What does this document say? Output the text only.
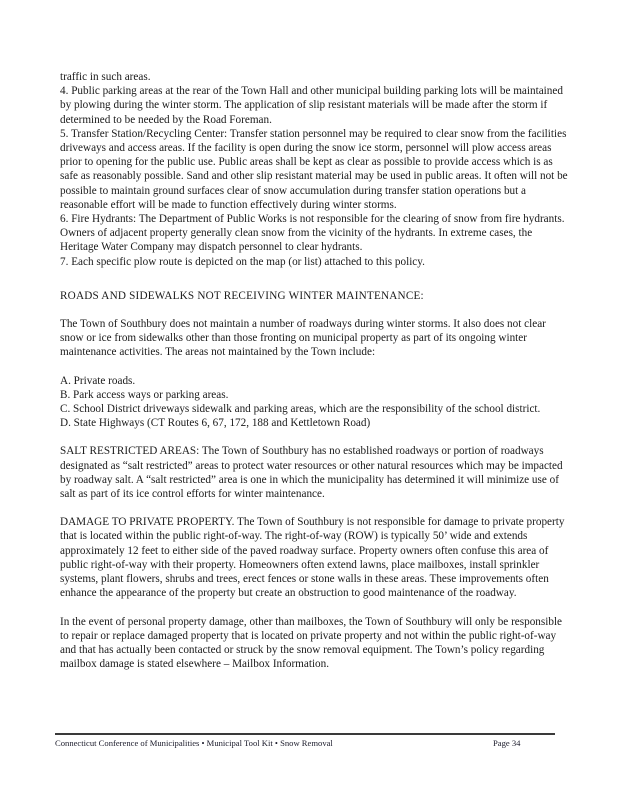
traffic in such areas.

4. Public parking areas at the rear of the Town Hall and other municipal building parking lots will be maintained by plowing during the winter storm. The application of slip resistant materials will be made after the storm if determined to be needed by the Road Foreman.

5. Transfer Station/Recycling Center: Transfer station personnel may be required to clear snow from the facilities driveways and access areas. If the facility is open during the snow ice storm, personnel will plow access areas prior to opening for the public use. Public areas shall be kept as clear as possible to provide access which is as safe as reasonably possible. Sand and other slip resistant material may be used in public areas. It often will not be possible to maintain ground surfaces clear of snow accumulation during transfer station operations but a reasonable effort will be made to function effectively during winter storms.

6. Fire Hydrants: The Department of Public Works is not responsible for the clearing of snow from fire hydrants. Owners of adjacent property generally clean snow from the vicinity of the hydrants. In extreme cases, the Heritage Water Company may dispatch personnel to clear hydrants.

7. Each specific plow route is depicted on the map (or list) attached to this policy.

ROADS AND SIDEWALKS NOT RECEIVING WINTER MAINTENANCE:

The Town of Southbury does not maintain a number of roadways during winter storms. It also does not clear snow or ice from sidewalks other than those fronting on municipal property as part of its ongoing winter maintenance activities. The areas not maintained by the Town include:

A. Private roads.

B. Park access ways or parking areas.

C. School District driveways sidewalk and parking areas, which are the responsibility of the school district.

D. State Highways (CT Routes 6, 67, 172, 188 and Kettletown Road)

SALT RESTRICTED AREAS: The Town of Southbury has no established roadways or portion of roadways designated as “salt restricted” areas to protect water resources or other natural resources which may be impacted by roadway salt. A “salt restricted” area is one in which the municipality has determined it will minimize use of salt as part of its ice control efforts for winter maintenance.

DAMAGE TO PRIVATE PROPERTY. The Town of Southbury is not responsible for damage to private property that is located within the public right-of-way. The right-of-way (ROW) is typically 50’ wide and extends approximately 12 feet to either side of the paved roadway surface. Property owners often confuse this area of public right-of-way with their property. Homeowners often extend lawns, place mailboxes, install sprinkler systems, plant flowers, shrubs and trees, erect fences or stone walls in these areas. These improvements often enhance the appearance of the property but create an obstruction to good maintenance of the roadway.

In the event of personal property damage, other than mailboxes, the Town of Southbury will only be responsible to repair or replace damaged property that is located on private property and not within the public right-of-way and that has actually been contacted or struck by the snow removal equipment. The Town’s policy regarding mailbox damage is stated elsewhere – Mailbox Information.

Connecticut Conference of Municipalities • Municipal Tool Kit • Snow Removal	Page 34
